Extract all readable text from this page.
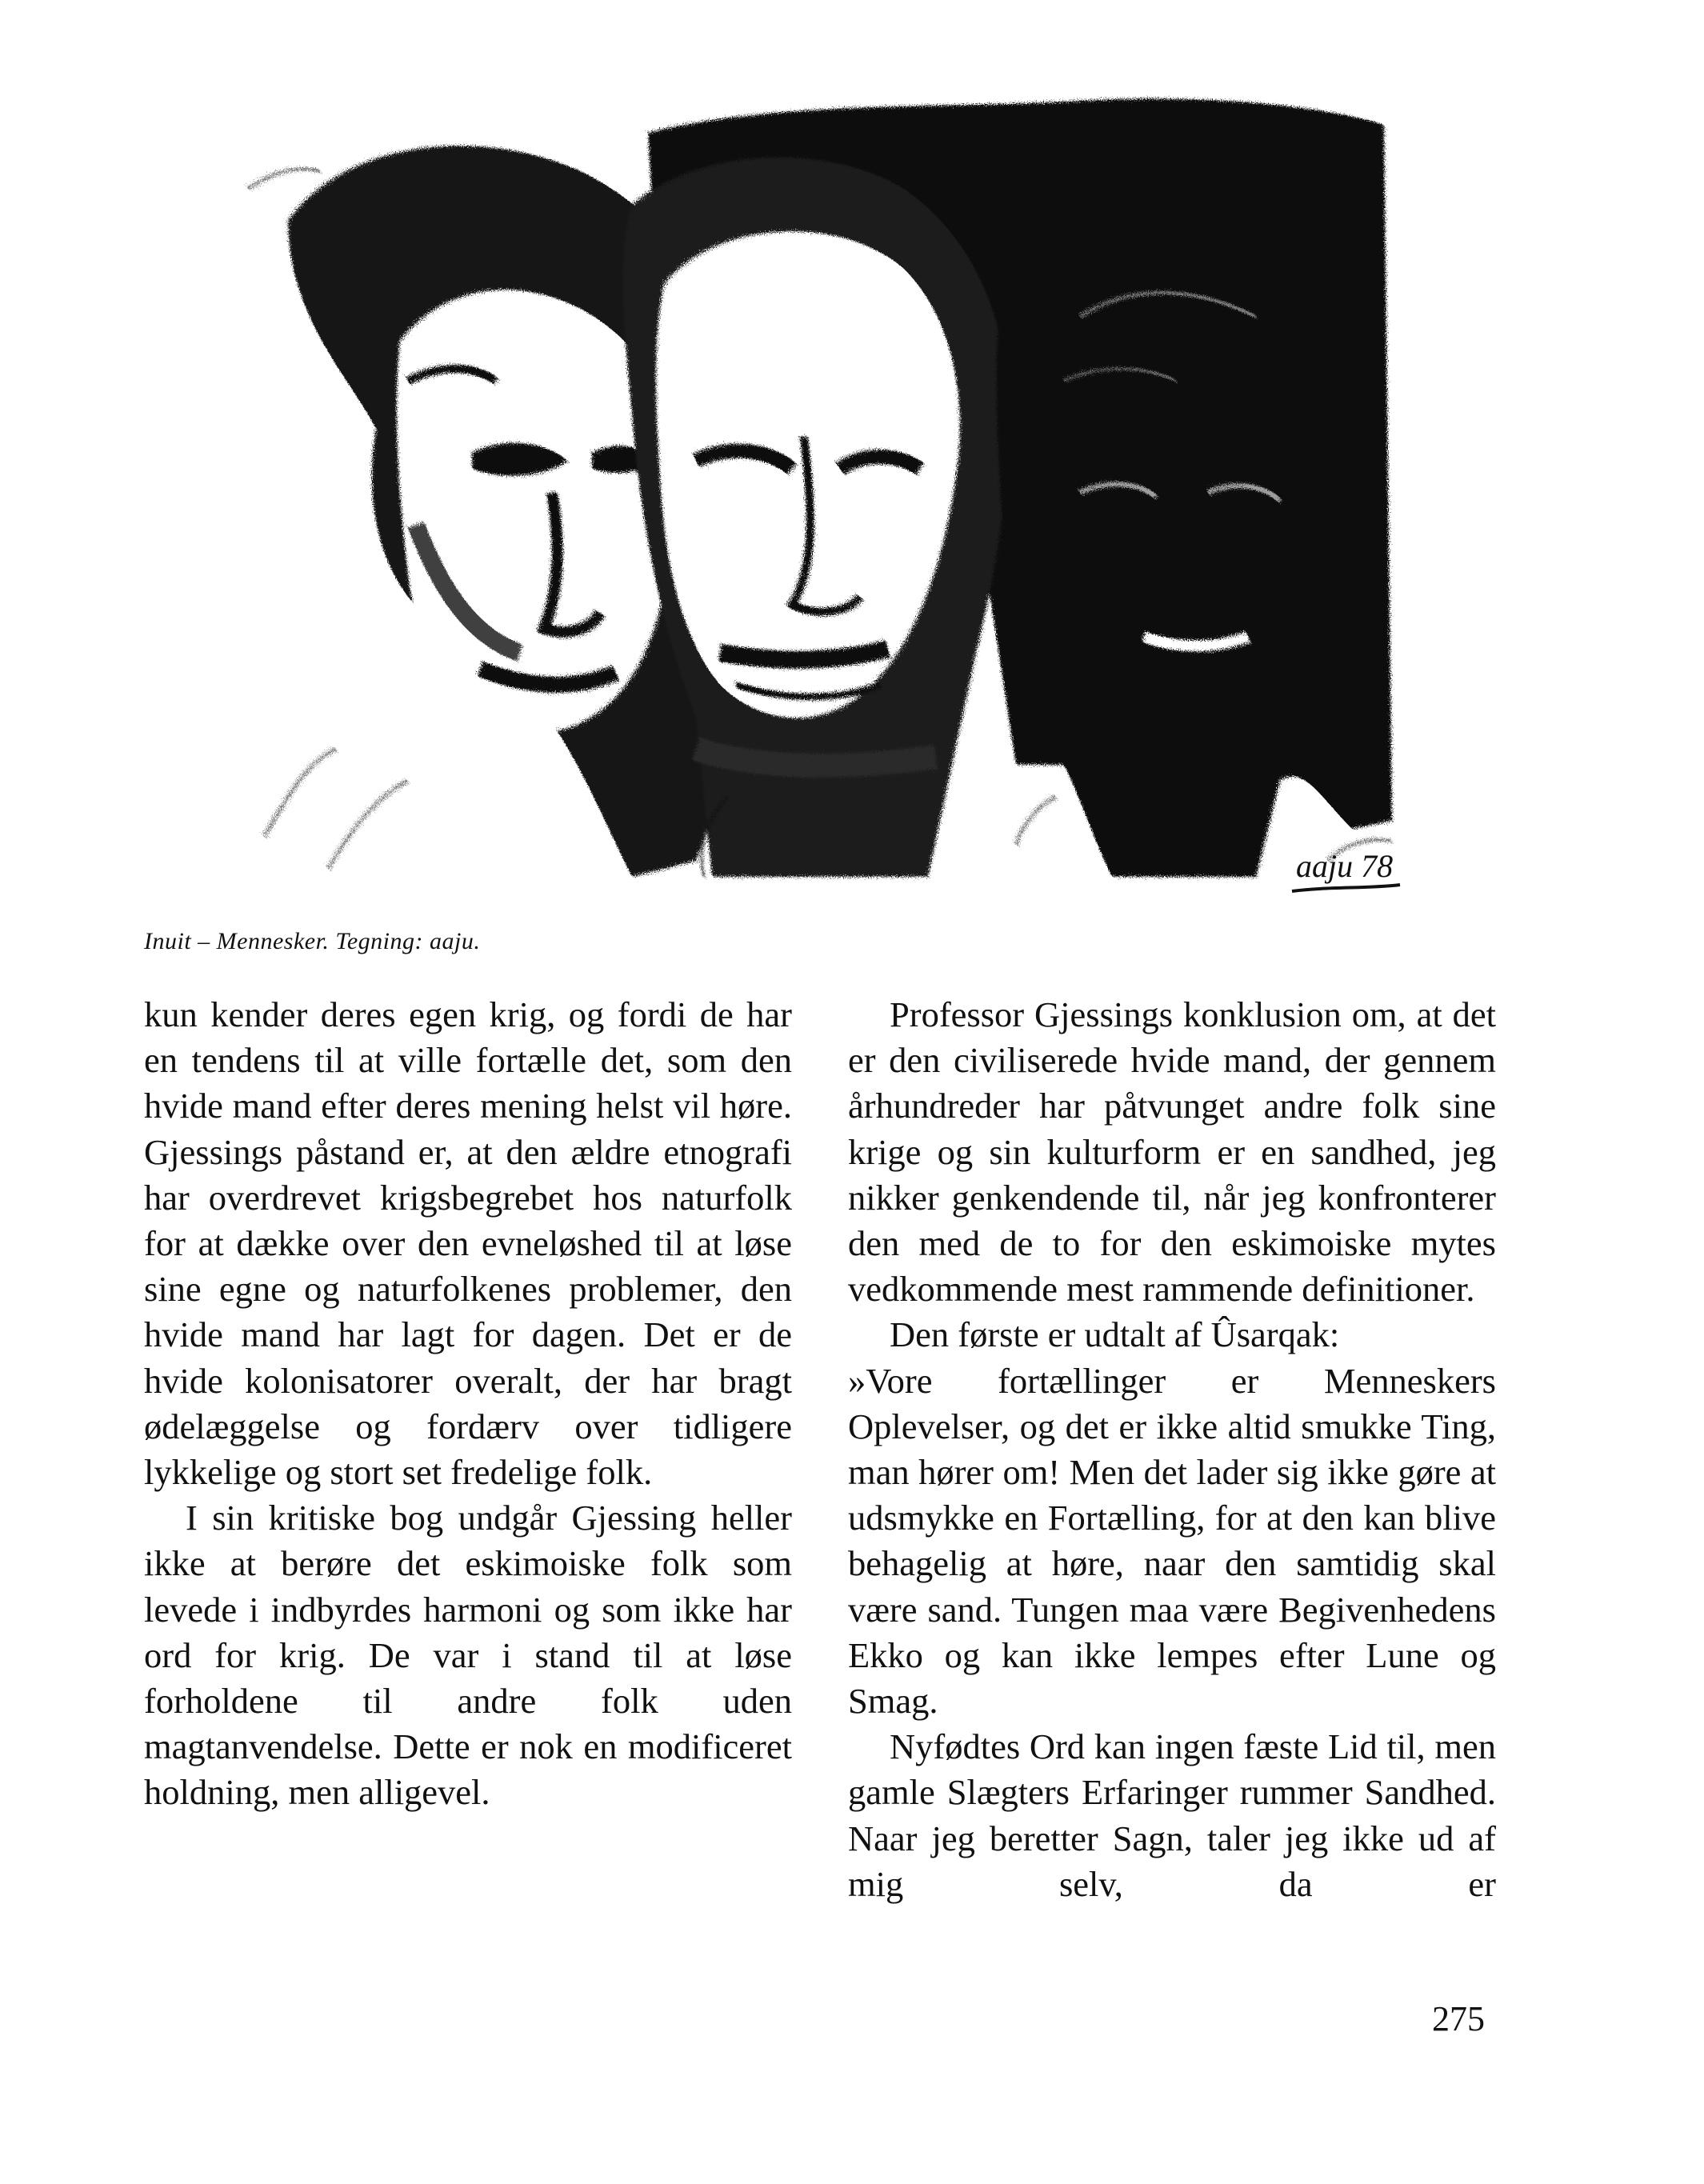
aaju 78
Inuit – Mennesker. Tegning: aaju.

kun kender deres egen krig, og fordi de har en tendens til at ville fortælle det, som den hvide mand efter deres mening helst vil høre. Gjessings påstand er, at den ældre etnografi har overdrevet krigsbegrebet hos naturfolk for at dække over den evneløshed til at løse sine egne og naturfolkenes problemer, den hvide mand har lagt for dagen. Det er de hvide kolonisatorer overalt, der har bragt ødelæggelse og fordærv over tidligere lykkelige og stort set fredelige folk.

I sin kritiske bog undgår Gjessing heller ikke at berøre det eskimoiske folk som levede i indbyrdes harmoni og som ikke har ord for krig. De var i stand til at løse forholdene til andre folk uden magtanvendelse. Dette er nok en modificeret holdning, men alligevel.

Professor Gjessings konklusion om, at det er den civiliserede hvide mand, der gennem århundreder har påtvunget andre folk sine krige og sin kulturform er en sandhed, jeg nikker genkendende til, når jeg konfronterer den med de to for den eskimoiske mytes vedkommende mest rammende definitioner.

Den første er udtalt af Ûsarqak:

»Vore fortællinger er Menneskers Oplevelser, og det er ikke altid smukke Ting, man hører om! Men det lader sig ikke gøre at udsmykke en Fortælling, for at den kan blive behagelig at høre, naar den samtidig skal være sand. Tungen maa være Begivenhedens Ekko og kan ikke lempes efter Lune og Smag.

Nyfødtes Ord kan ingen fæste Lid til, men gamle Slægters Erfaringer rummer Sandhed. Naar jeg beretter Sagn, taler jeg ikke ud af mig selv, da er

275
